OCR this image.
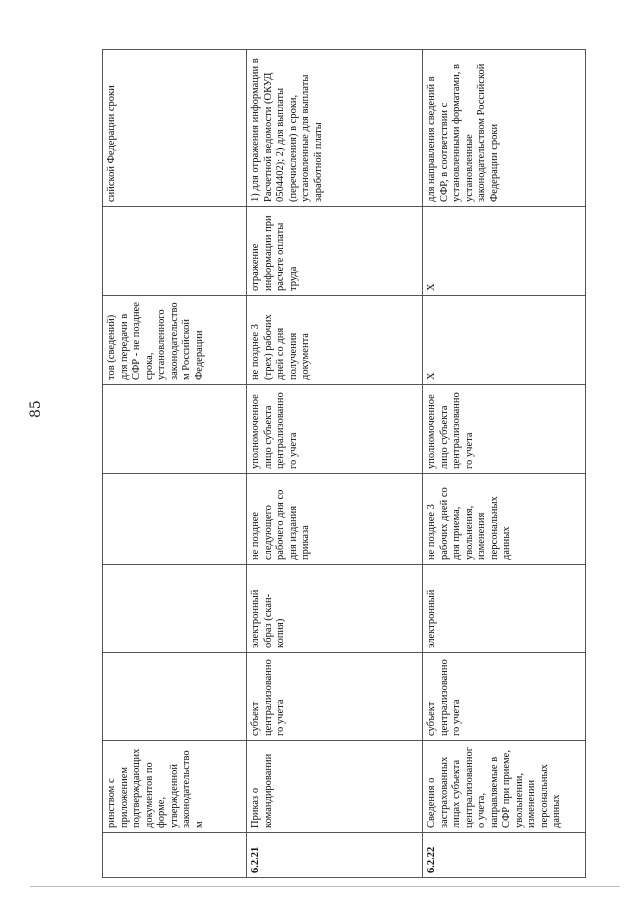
85
	ринством с приложением подтверждающих документов по форме, утвержденной законодательством					тов (сведений) для передачи в СФР - не позднее срока, установленного законодательством Российской Федерации		сийской Федерации сроки
6.2.21	Приказ о командировании	субъект централизованного учета	электронный образ (скан-копия)	не позднее следующего рабочего дня со дня издания приказа	уполномоченное лицо субъекта централизованного учета	не позднее 3 (трех) рабочих дней со дня получения документа	отражение информации при расчете оплаты труда	1) для отражения информации в Расчетной ведомости (ОКУД 0504402); 2) для выплаты (перечисления) в сроки, установленные для выплаты заработной платы
6.2.22	Сведения о застрахованных лицах субъекта централизованного учета, направляемые в СФР при приеме, увольнении, изменении персональных данных	субъект централизованного учета	электронный	не позднее 3 рабочих дней со дня приема, увольнения, изменения персональных данных	уполномоченное лицо субъекта централизованного учета	X	X	для направления сведений в СФР, в соответствии с установленными форматами, в установленные законодательством Российской Федерации сроки
